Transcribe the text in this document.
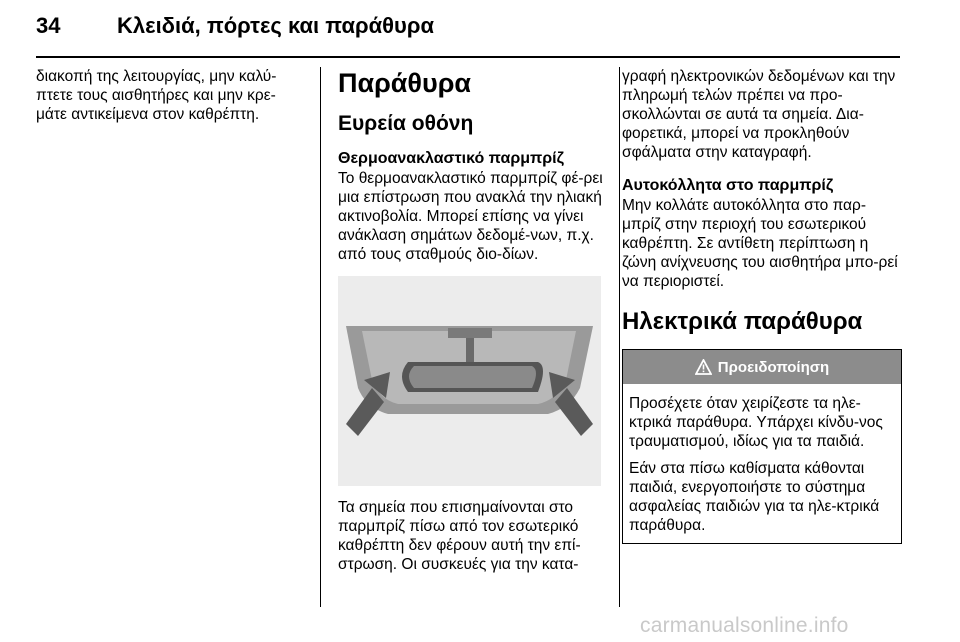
34	Κλειδιά, πόρτες και παράθυρα

διακοπή της λειτουργίας, μην καλύ-πτετε τους αισθητήρες και μην κρε-μάτε αντικείμενα στον καθρέπτη.

Παράθυρα
Ευρεία οθόνη
Θερμοανακλαστικό παρμπρίζ

Το θερμοανακλαστικό παρμπρίζ φέ-ρει μια επίστρωση που ανακλά την ηλιακή ακτινοβολία. Μπορεί επίσης να γίνει ανάκλαση σημάτων δεδομέ-νων, π.χ. από τους σταθμούς διο-δίων.

Τα σημεία που επισημαίνονται στο παρμπρίζ πίσω από τον εσωτερικό καθρέπτη δεν φέρουν αυτή την επί-στρωση. Οι συσκευές για την κατα-

γραφή ηλεκτρονικών δεδομένων και την πληρωμή τελών πρέπει να προ-σκολλώνται σε αυτά τα σημεία. Δια-φορετικά, μπορεί να προκληθούν σφάλματα στην καταγραφή.

Αυτοκόλλητα στο παρμπρίζ

Μην κολλάτε αυτοκόλλητα στο παρ-μπρίζ στην περιοχή του εσωτερικού καθρέπτη. Σε αντίθετη περίπτωση η ζώνη ανίχνευσης του αισθητήρα μπο-ρεί να περιοριστεί.

Ηλεκτρικά παράθυρα
Προειδοποίηση

Προσέχετε όταν χειρίζεστε τα ηλε-κτρικά παράθυρα. Υπάρχει κίνδυ-νος τραυματισμού, ιδίως για τα παιδιά.

Εάν στα πίσω καθίσματα κάθονται παιδιά, ενεργοποιήστε το σύστημα ασφαλείας παιδιών για τα ηλε-κτρικά παράθυρα.

carmanualsonline.info
